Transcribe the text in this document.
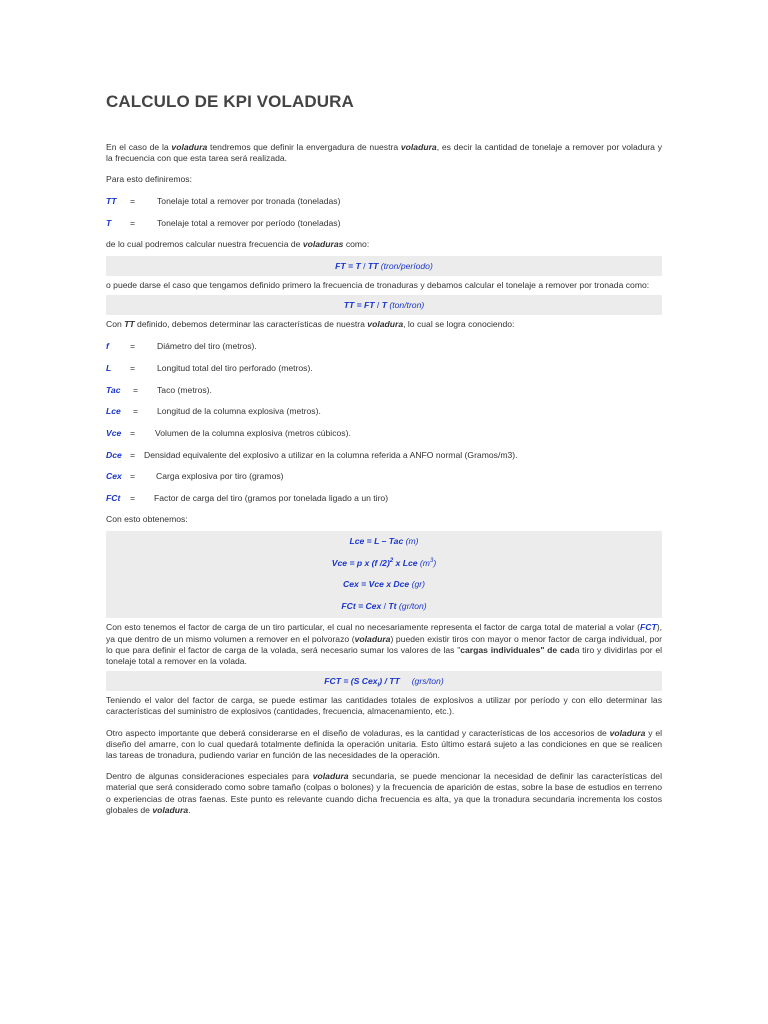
CALCULO DE KPI VOLADURA

En el caso de la voladura tendremos que definir la envergadura de nuestra voladura, es decir la cantidad de tonelaje a remover por voladura y la frecuencia con que esta tarea será realizada.

Para esto definiremos:

TT	=	Tonelaje total a remover por tronada (toneladas)
T	=	Tonelaje total a remover por período (toneladas)

de lo cual podremos calcular nuestra frecuencia de voladuras como:

FT = T / TT (tron/período)

o puede darse el caso que tengamos definido primero la frecuencia de tronaduras y debamos calcular el tonelaje a remover por tronada como:

TT = FT / T (ton/tron)

Con TT definido, debemos determinar las características de nuestra voladura, lo cual se logra conociendo:

f	=	Diámetro del tiro (metros).
L	=	Longitud total del tiro perforado (metros).
Tac	=	Taco (metros).
Lce	=	Longitud de la columna explosiva (metros).
Vce	=	Volumen de la columna explosiva (metros cúbicos).
Dce =	Densidad equivalente del explosivo a utilizar en la columna referida a ANFO normal (Gramos/m3).
Cex =	Carga explosiva por tiro (gramos)
FCt	=	Factor de carga del tiro (gramos por tonelada ligado a un tiro)

Con esto obtenemos:

Lce = L – Tac (m)
Vce = p x (f /2)$^2$ x Lce $(m^3)$
Cex = Vce x Dce (gr)
FCt = Cex / Tt (gr/ton)

Con esto tenemos el factor de carga de un tiro particular, el cual no necesariamente representa el factor de carga total de material a volar (FCT), ya que dentro de un mismo volumen a remover en el polvorazo (voladura) pueden existir tiros con mayor o menor factor de carga individual, por lo que para definir el factor de carga de la volada, será necesario sumar los valores de las "cargas individuales" de cada tiro y dividirlas por el tonelaje total a remover en la volada.

FCT = (S Cex$_i$) / TT     (grs/ton)

Teniendo el valor del factor de carga, se puede estimar las cantidades totales de explosivos a utilizar por período y con ello determinar las características del suministro de explosivos (cantidades, frecuencia, almacenamiento, etc.).

Otro aspecto importante que deberá considerarse en el diseño de voladuras, es la cantidad y características de los accesorios de voladura y el diseño del amarre, con lo cual quedará totalmente definida la operación unitaria. Esto último estará sujeto a las condiciones en que se realicen las tareas de tronadura, pudiendo variar en función de las necesidades de la operación.

Dentro de algunas consideraciones especiales para voladura secundaria, se puede mencionar la necesidad de definir las características del material que será considerado como sobre tamaño (colpas o bolones) y la frecuencia de aparición de estas, sobre la base de estudios en terreno o experiencias de otras faenas. Este punto es relevante cuando dicha frecuencia es alta, ya que la tronadura secundaria incrementa los costos globales de voladura.
